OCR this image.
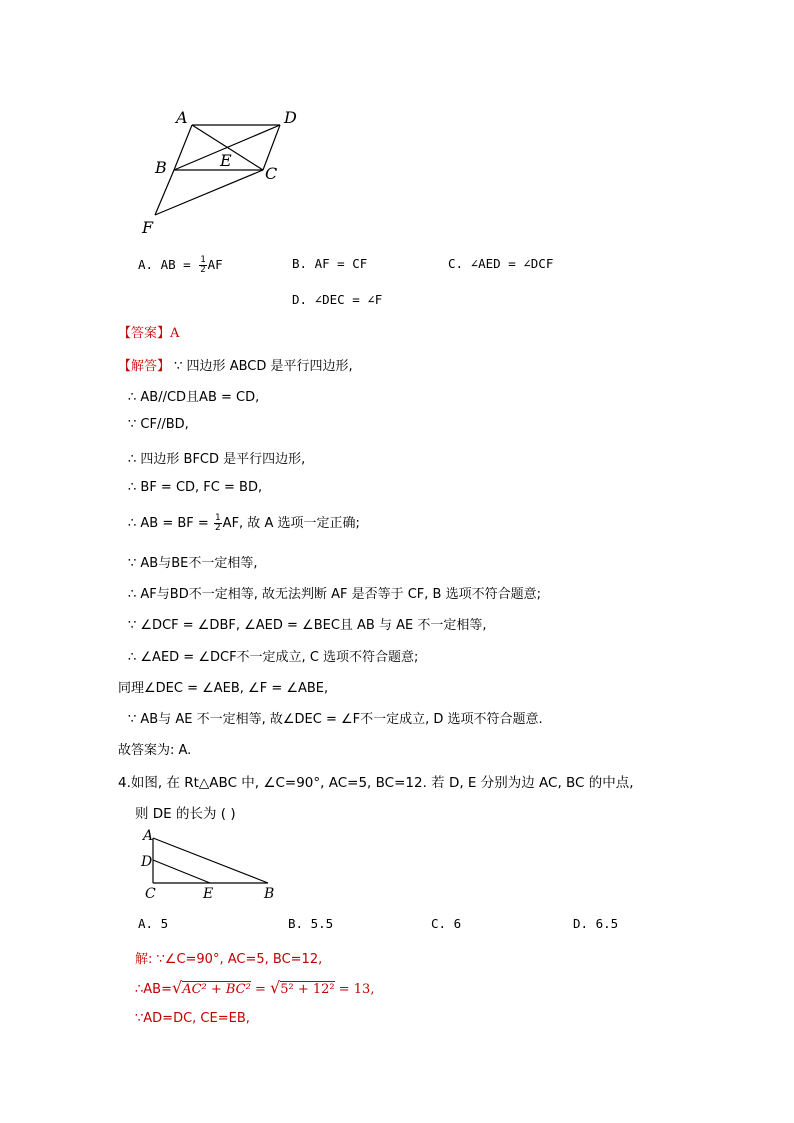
A	D
B	E
C
F
A. AB = $\frac{1}{2}$ AF	B. AF = CF	C. ∠AED = ∠DCF
D. ∠DEC = ∠F
【答案】A
【解答】 ∵ 四边形 ABCD 是平行四边形,
∴ AB//CD且AB = CD,
∵ CF//BD,
∴ 四边形 BFCD 是平行四边形,
∴ BF = CD, FC = BD,
∴ AB = BF = $\frac{1}{2}$ AF, 故 A 选项一定正确;
∵ AB与BE不一定相等,
∴ AF与BD不一定相等, 故无法判断 AF 是否等于 CF, B 选项不符合题意;
∵ ∠DCF = ∠DBF, ∠AED = ∠BEC且 AB 与 AE 不一定相等,
∴ ∠AED = ∠DCF不一定成立, C 选项不符合题意;
同理∠DEC = ∠AEB, ∠F = ∠ABE,
∵ AB与 AE 不一定相等, 故∠DEC = ∠F不一定成立, D 选项不符合题意.
故答案为: A.
4.如图, 在 Rt△ABC 中, ∠C=90°, AC=5, BC=12. 若 D, E 分别为边 AC, BC 的中点,
则 DE 的长为 ( )
A
D
C	E	B
A. 5	B. 5.5	C. 6	D. 6.5
解: ∵∠C=90°, AC=5, BC=12,
∴AB=√AC² + BC² = √5² + 12² = 13,
∵AD=DC, CE=EB,
